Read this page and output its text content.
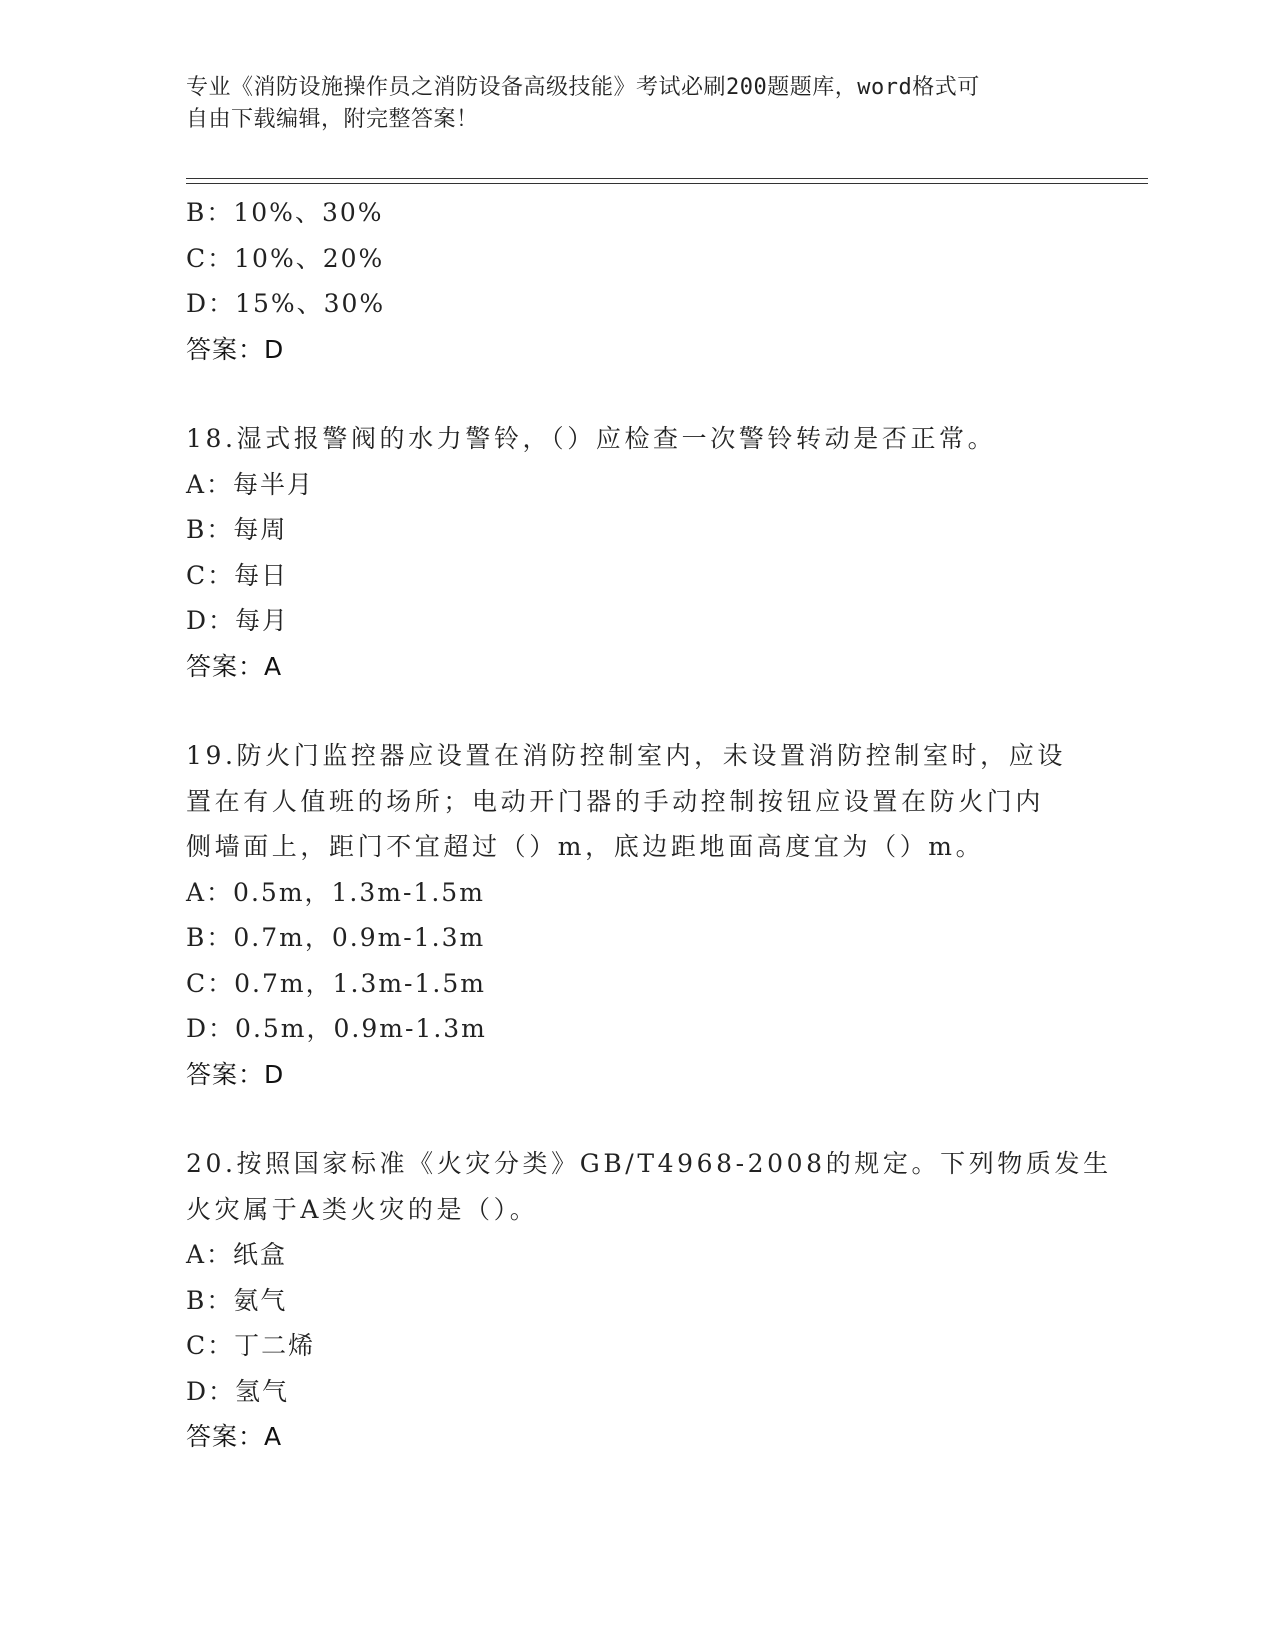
专业《消防设施操作员之消防设备高级技能》考试必刷200题题库，word格式可
自由下载编辑，附完整答案！
B：10%、30%
C：10%、20%
D：15%、30%
答案：D
18.湿式报警阀的水力警铃，（）应检查一次警铃转动是否正常。
A：每半月
B：每周
C：每日
D：每月
答案：A
19.防火门监控器应设置在消防控制室内，未设置消防控制室时，应设
置在有人值班的场所；电动开门器的手动控制按钮应设置在防火门内
侧墙面上，距门不宜超过（）m，底边距地面高度宜为（）m。
A：0.5m，1.3m-1.5m
B：0.7m，0.9m-1.3m
C：0.7m，1.3m-1.5m
D：0.5m，0.9m-1.3m
答案：D
20.按照国家标准《火灾分类》GB/T4968-2008的规定。下列物质发生
火灾属于A类火灾的是（）。
A：纸盒
B：氨气
C：丁二烯
D：氢气
答案：A
